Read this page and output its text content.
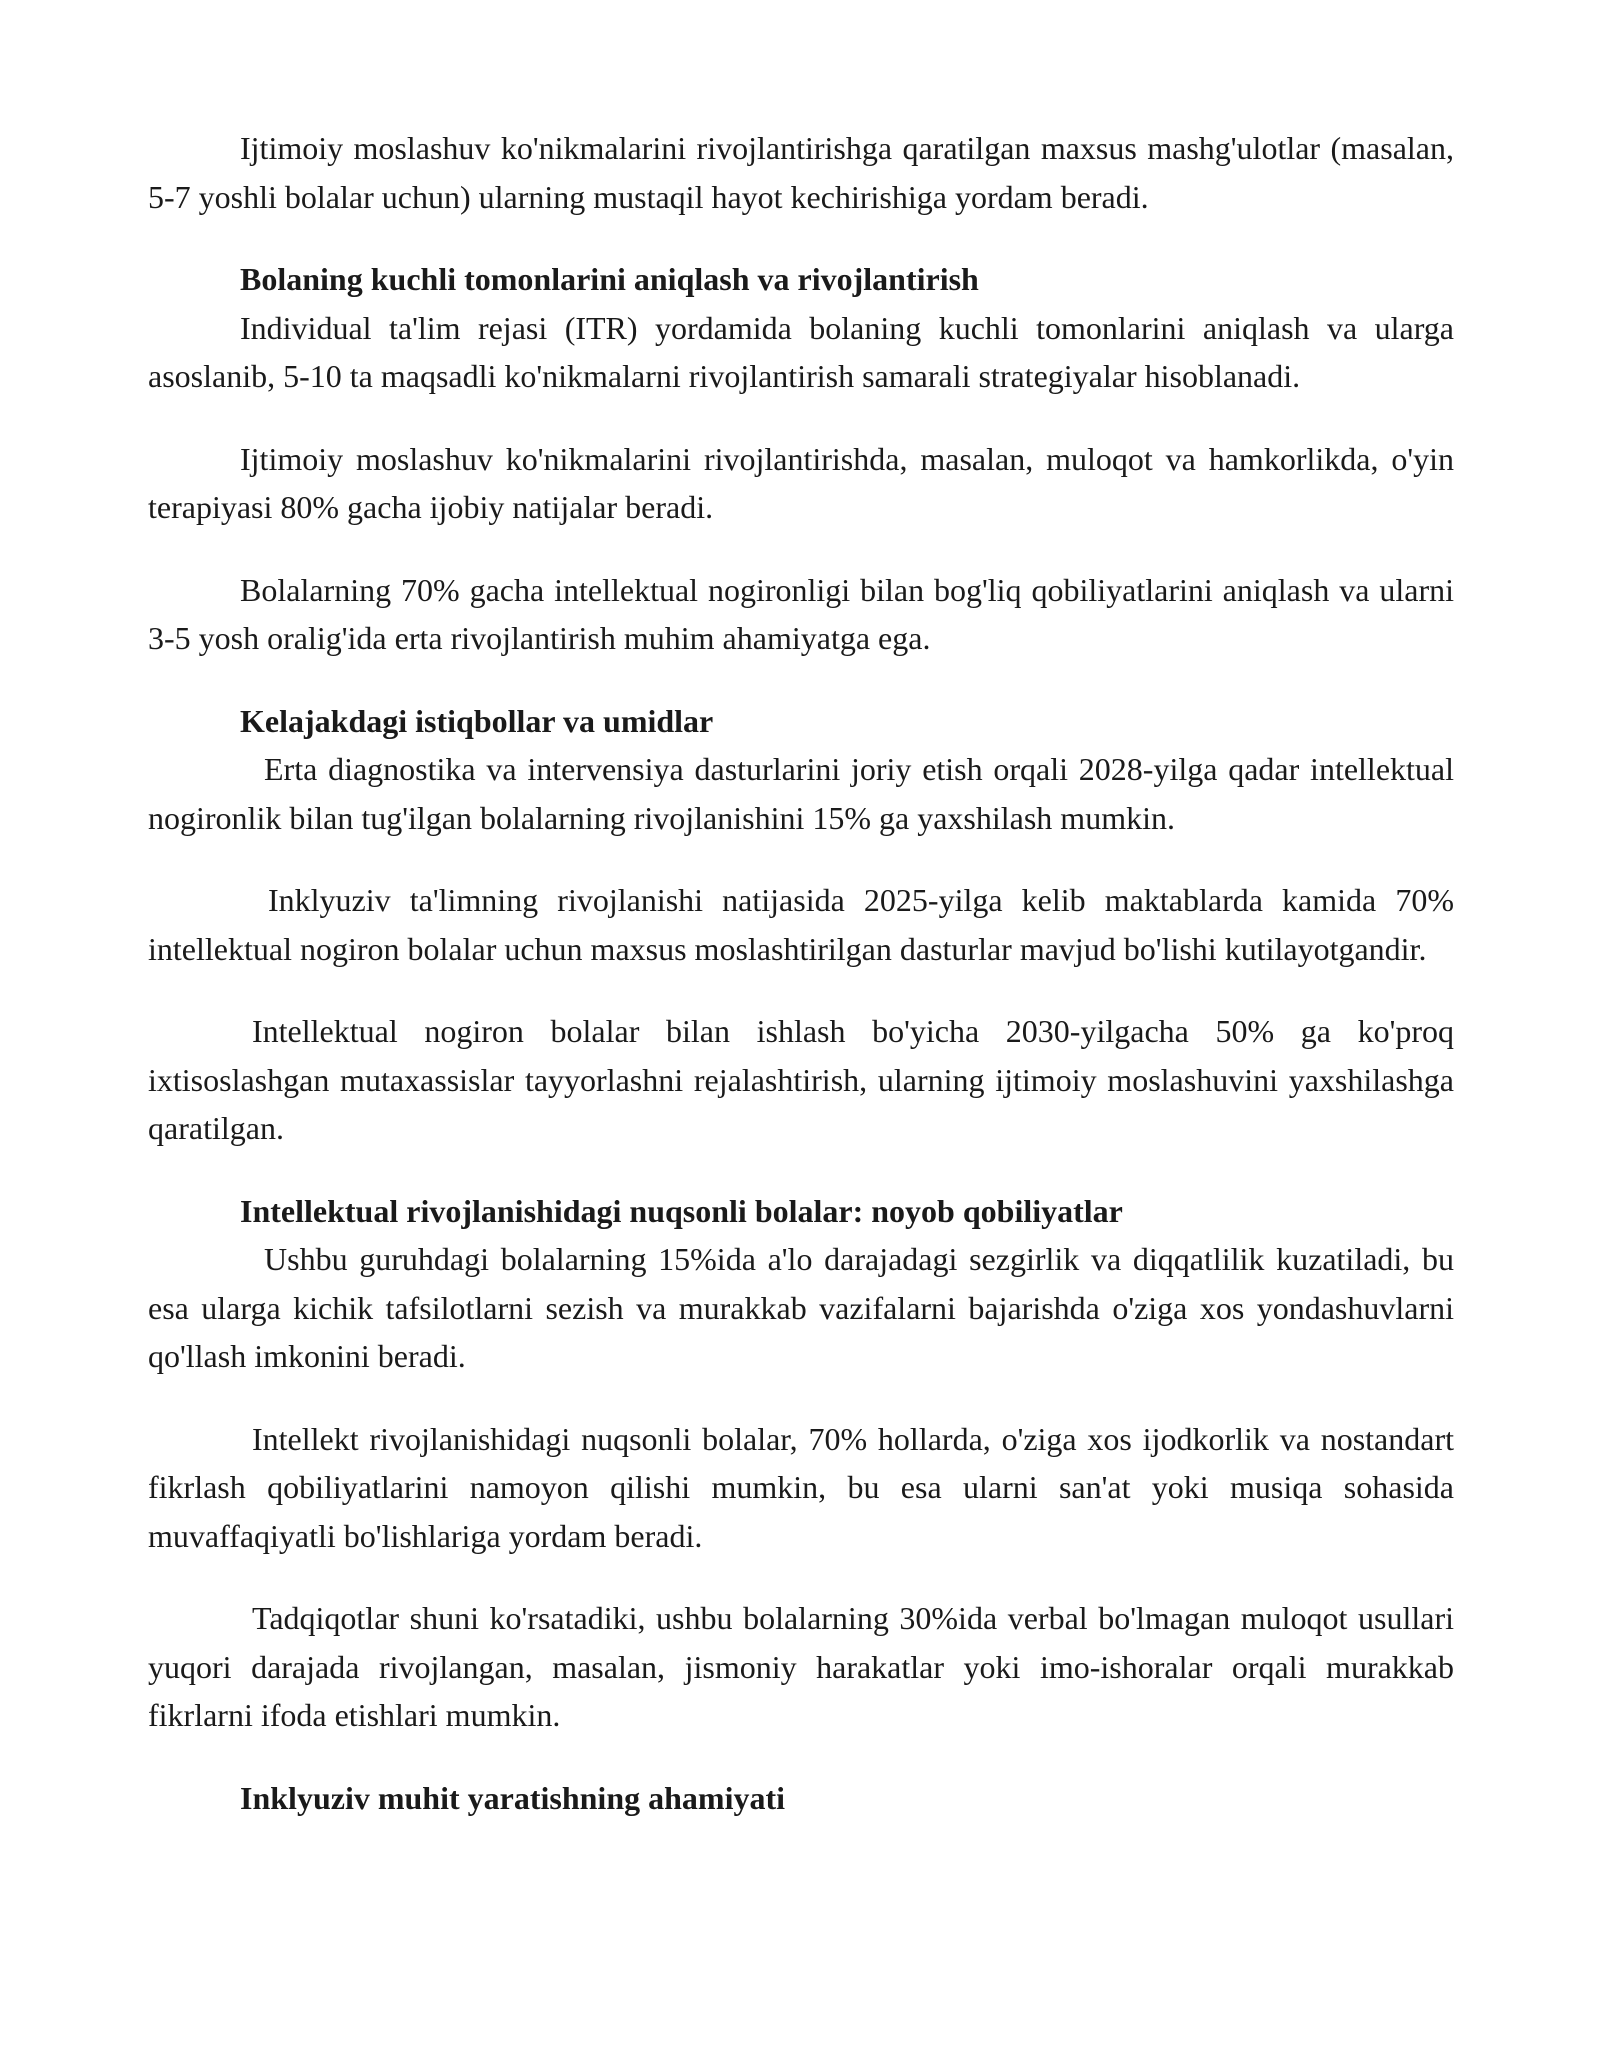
Ijtimoiy moslashuv ko'nikmalarini rivojlantirishga qaratilgan maxsus mashg'ulotlar (masalan, 5-7 yoshli bolalar uchun) ularning mustaqil hayot kechirishiga yordam beradi.

Bolaning kuchli tomonlarini aniqlash va rivojlantirish

Individual ta'lim rejasi (ITR) yordamida bolaning kuchli tomonlarini aniqlash va ularga asoslanib, 5-10 ta maqsadli ko'nikmalarni rivojlantirish samarali strategiyalar hisoblanadi.

Ijtimoiy moslashuv ko'nikmalarini rivojlantirishda, masalan, muloqot va hamkorlikda, o'yin terapiyasi 80% gacha ijobiy natijalar beradi.

Bolalarning 70% gacha intellektual nogironligi bilan bog'liq qobiliyatlarini aniqlash va ularni 3-5 yosh oralig'ida erta rivojlantirish muhim ahamiyatga ega.

Kelajakdagi istiqbollar va umidlar

Erta diagnostika va intervensiya dasturlarini joriy etish orqali 2028-yilga qadar intellektual nogironlik bilan tug'ilgan bolalarning rivojlanishini 15% ga yaxshilash mumkin.

Inklyuziv ta'limning rivojlanishi natijasida 2025-yilga kelib maktablarda kamida 70% intellektual nogiron bolalar uchun maxsus moslashtirilgan dasturlar mavjud bo'lishi kutilayotgandir.

Intellektual nogiron bolalar bilan ishlash bo'yicha 2030-yilgacha 50% ga ko'proq ixtisoslashgan mutaxassislar tayyorlashni rejalashtirish, ularning ijtimoiy moslashuvini yaxshilashga qaratilgan.

Intellektual rivojlanishidagi nuqsonli bolalar: noyob qobiliyatlar

Ushbu guruhdagi bolalarning 15%ida a'lo darajadagi sezgirlik va diqqatlilik kuzatiladi, bu esa ularga kichik tafsilotlarni sezish va murakkab vazifalarni bajarishda o'ziga xos yondashuvlarni qo'llash imkonini beradi.

Intellekt rivojlanishidagi nuqsonli bolalar, 70% hollarda, o'ziga xos ijodkorlik va nostandart fikrlash qobiliyatlarini namoyon qilishi mumkin, bu esa ularni san'at yoki musiqa sohasida muvaffaqiyatli bo'lishlariga yordam beradi.

Tadqiqotlar shuni ko'rsatadiki, ushbu bolalarning 30%ida verbal bo'lmagan muloqot usullari yuqori darajada rivojlangan, masalan, jismoniy harakatlar yoki imo-ishoralar orqali murakkab fikrlarni ifoda etishlari mumkin.

Inklyuziv muhit yaratishning ahamiyati
